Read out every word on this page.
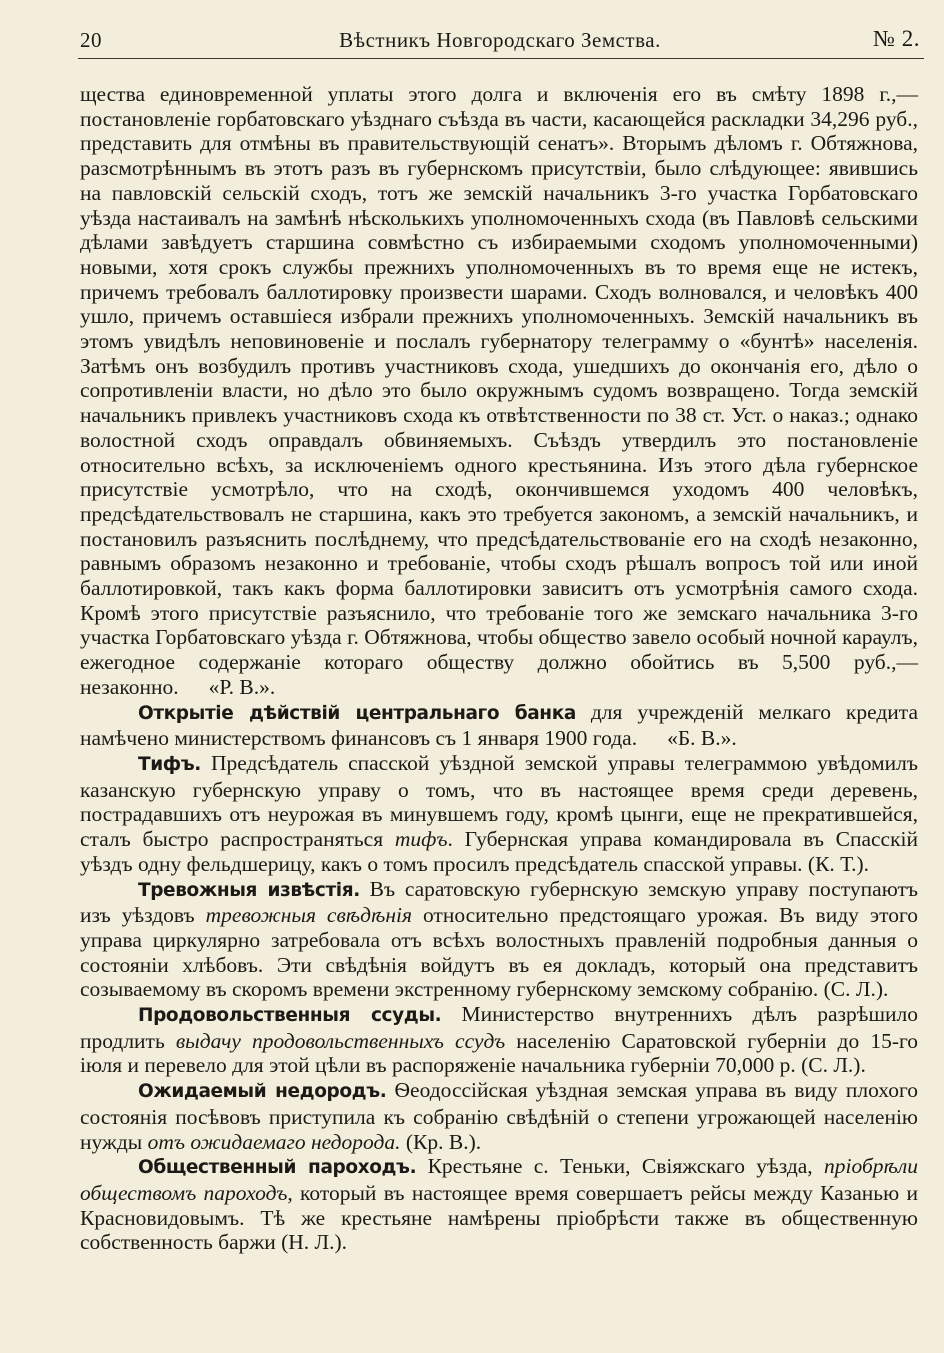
20	Вѣстникъ Новгородскаго Земства.	№ 2.

щества единовременной уплаты этого долга и включенія его въ смѣту 1898 г.,— постановленіе горбатовскаго уѣзднаго съѣзда въ части, касающейся раскладки 34,296 руб., представить для отмѣны въ правительствующій сенатъ». Вторымъ дѣломъ г. Обтяжнова, разсмотрѣннымъ въ этотъ разъ въ губернскомъ присутствіи, было слѣдующее: явившись на павловскій сельскій сходъ, тотъ же земскій начальникъ 3-го участка Горбатовскаго уѣзда настаивалъ на замѣнѣ нѣсколькихъ уполномоченныхъ схода (въ Павловѣ сельскими дѣлами завѣдуетъ старшина совмѣстно съ избираемыми сходомъ уполномоченными) новыми, хотя срокъ службы прежнихъ уполномоченныхъ въ то время еще не истекъ, причемъ требовалъ баллотировку произвести шарами. Сходъ волновался, и человѣкъ 400 ушло, причемъ оставшіеся избрали прежнихъ уполномоченныхъ. Земскій начальникъ въ этомъ увидѣлъ неповиновеніе и послалъ губернатору телеграмму о «бунтѣ» населенія. Затѣмъ онъ возбудилъ противъ участниковъ схода, ушедшихъ до окончанія его, дѣло о сопротивленіи власти, но дѣло это было окружнымъ судомъ возвращено. Тогда земскій начальникъ привлекъ участниковъ схода къ отвѣтственности по 38 ст. Уст. о наказ.; однако волостной сходъ оправдалъ обвиняемыхъ. Съѣздъ утвердилъ это постановленіе относительно всѣхъ, за исключеніемъ одного крестьянина. Изъ этого дѣла губернское присутствіе усмотрѣло, что на сходѣ, окончившемся уходомъ 400 человѣкъ, предсѣдательствовалъ не старшина, какъ это требуется закономъ, а земскій начальникъ, и постановилъ разъяснить послѣднему, что предсѣдательствованіе его на сходѣ незаконно, равнымъ образомъ незаконно и требованіе, чтобы сходъ рѣшалъ вопросъ той или иной баллотировкой, такъ какъ форма баллотировки зависитъ отъ усмотрѣнія самого схода. Кромѣ этого присутствіе разъяснило, что требованіе того же земскаго начальника 3-го участка Горбатовскаго уѣзда г. Обтяжнова, чтобы общество завело особый ночной караулъ, ежегодное содержаніе котораго обществу должно обойтись въ 5,500 руб.,—незаконно. «Р. В.».

Открытіе дѣйствій центральнаго банка для учрежденій мелкаго кредита намѣчено министерствомъ финансовъ съ 1 января 1900 года. «Б. В.».

Тифъ. Предсѣдатель спасской уѣздной земской управы телеграммою увѣдомилъ казанскую губернскую управу о томъ, что въ настоящее время среди деревень, пострадавшихъ отъ неурожая въ минувшемъ году, кромѣ цынги, еще не прекратившейся, сталъ быстро распространяться тифъ. Губернская управа командировала въ Спасскій уѣздъ одну фельдшерицу, какъ о томъ просилъ предсѣдатель спасской управы. (К. Т.).

Тревожныя извѣстія. Въ саратовскую губернскую земскую управу поступаютъ изъ уѣздовъ тревожныя свѣдѣнія относительно предстоящаго урожая. Въ виду этого управа циркулярно затребовала отъ всѣхъ волостныхъ правленій подробныя данныя о состояніи хлѣбовъ. Эти свѣдѣнія войдутъ въ ея докладъ, который она представитъ созываемому въ скоромъ времени экстренному губернскому земскому собранію. (С. Л.).

Продовольственныя ссуды. Министерство внутреннихъ дѣлъ разрѣшило продлить выдачу продовольственныхъ ссудъ населенію Саратовской губерніи до 15-го іюля и перевело для этой цѣли въ распоряженіе начальника губерніи 70,000 р. (С. Л.).

Ожидаемый недородъ. Ѳеодоссійская уѣздная земская управа въ виду плохого состоянія посѣвовъ приступила къ собранію свѣдѣній о степени угрожающей населенію нужды отъ ожидаемаго недорода. (Кр. В.).

Общественный пароходъ. Крестьяне с. Теньки, Свіяжскаго уѣзда, пріобрѣли обществомъ пароходъ, который въ настоящее время совершаетъ рейсы между Казанью и Красновидовымъ. Тѣ же крестьяне намѣрены пріобрѣсти также въ общественную собственность баржи (Н. Л.).
